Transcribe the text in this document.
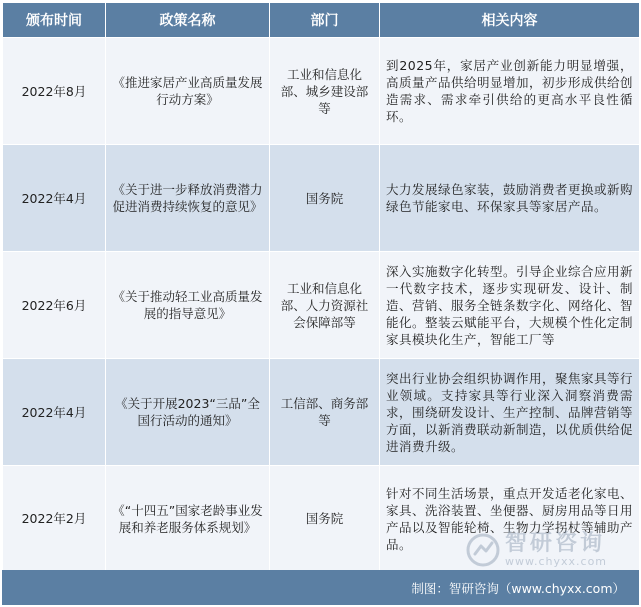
颁布时间	政策名称	部门	相关内容
2022年8月	《推进家居产业高质量发展行动方案》	工业和信息化部、城乡建设部等	到2025年，家居产业创新能力明显增强，高质量产品供给明显增加，初步形成供给创造需求、需求牵引供给的更高水平良性循环。
2022年4月	《关于进一步释放消费潜力促进消费持续恢复的意见》	国务院	大力发展绿色家装，鼓励消费者更换或新购绿色节能家电、环保家具等家居产品。
2022年6月	《关于推动轻工业高质量发展的指导意见》	工业和信息化部、人力资源社会保障部等	深入实施数字化转型。引导企业综合应用新一代数字技术，逐步实现研发、设计、制造、营销、服务全链条数字化、网络化、智能化。整装云赋能平台，大规模个性化定制家具模块化生产，智能工厂等
2022年4月	《关于开展2023“三品”全国行活动的通知》	工信部、商务部等	突出行业协会组织协调作用，聚焦家具等行业领域。支持家具等行业深入洞察消费需求，围绕研发设计、生产控制、品牌营销等方面，以新消费联动新制造，以优质供给促进消费升级。
2022年2月	《“十四五”国家老龄事业发展和养老服务体系规划》	国务院	针对不同生活场景，重点开发适老化家电、家具、洗浴装置、坐便器、厨房用品等日用产品以及智能轮椅、生物力学拐杖等辅助产品。	智研咨询
www.chyxx.com
制图：智研咨询（www.chyxx.com）
